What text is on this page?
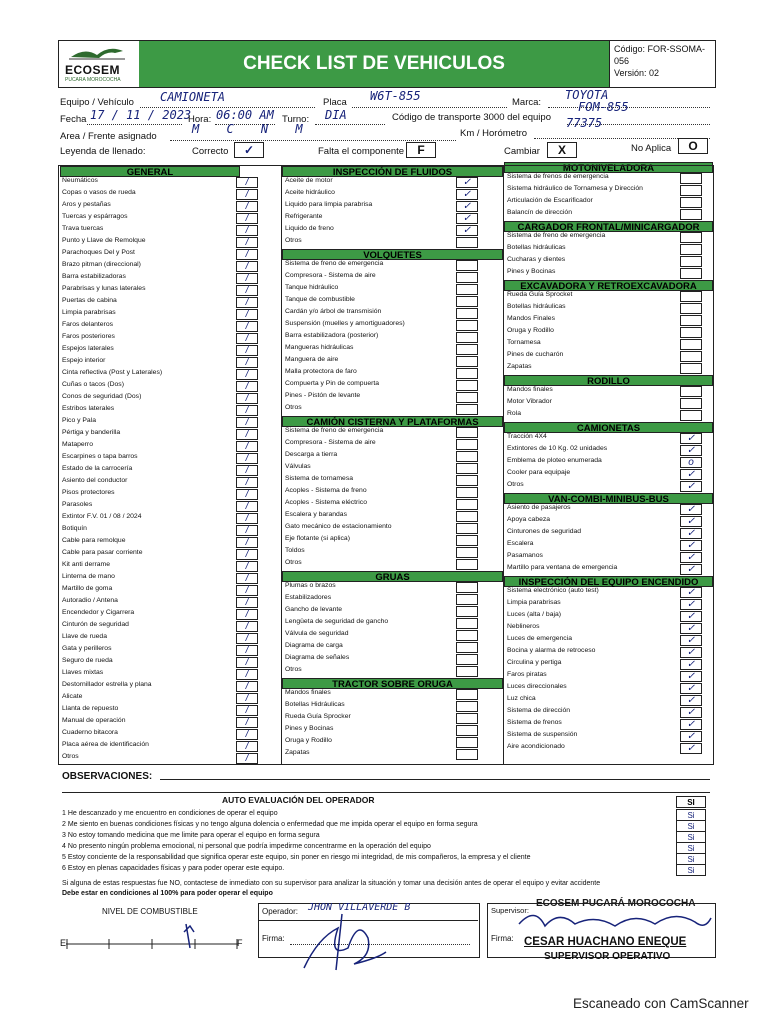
ECOSEM
PUCARA MOROCOCHA
CHECK LIST DE VEHICULOS
Código: FOR-SSOMA-056
Versión: 02
Equipo / Vehículo CAMIONETA	Placa W6T-855	Marca:
TOYOTA
Fecha 17 / 11 / 2023
Hora: 06:00 AM Turno: DIA	Código de transporte 3000 del equipo
FOM-855
Area / Frente asignado
M C N M	Km / Horómetro
77375
Leyenda de llenado:	Correcto	✓	Falta el componente	F	Cambiar	X	No Aplica	O
GENERAL
Neumáticos	/
Copas o vasos de rueda	/
Aros y pestañas	/
Tuercas y espárragos	/
Trava tuercas	/
Punto y Llave de Remolque	/
Parachoques Del y Post	/
Brazo pitman (direccional)	/
Barra estabilizadoras	/
Parabrisas y lunas laterales	/
Puertas de cabina	/
Limpia parabrisas	/
Faros delanteros	/
Faros posteriores	/
Espejos laterales	/
Espejo interior	/
Cinta reflectiva (Post y Laterales)	/
Cuñas o tacos (Dos)	/
Conos de seguridad (Dos)	/
Estribos laterales	/
Pico y Pala	/
Pértiga y banderilla	/
Mataperro	/
Escarpines o tapa barros	/
Estado de la carrocería	/
Asiento del conductor	/
Pisos protectores	/
Parasoles	/
Extintor F.V. 01 / 08 / 2024	/
Botiquín	/
Cable para remolque	/
Cable para pasar corriente	/
Kit anti derrame	/
Linterna de mano	/
Martillo de goma	/
Autoradio / Antena	/
Encendedor y Cigarrera	/
Cinturón de seguridad	/
Llave de rueda	/
Gata y perilleros	/
Seguro de rueda	/
Llaves mixtas	/
Destornillador estrella y plana	/
Alicate	/
Llanta de repuesto	/
Manual de operación	/
Cuaderno bitacora	/
Placa aérea de identificación	/
Otros	/
INSPECCIÓN DE FLUIDOS
Aceite de motor	✓
Aceite hidráulico	✓
Liquido para limpia parabrisa	✓
Refrigerante	✓
Liquido de freno	✓
Otros
VOLQUETES
Sistema de freno de emergencia
Compresora - Sistema de aire
Tanque hidráulico
Tanque de combustible
Cardán y/o árbol de transmisión
Suspensión (muelles y amortiguadores)
Barra estabilizadora (posterior)
Mangueras hidráulicas
Manguera de aire
Malla protectora de faro
Compuerta y Pin de compuerta
Pines - Pistón de levante
Otros
CAMIÓN CISTERNA Y PLATAFORMAS
Sistema de freno de emergencia
Compresora - Sistema de aire
Descarga a tierra
Válvulas
Sistema de tornamesa
Acoples - Sistema de freno
Acoples - Sistema eléctrico
Escalera y barandas
Gato mecánico de estacionamiento
Eje flotante (si aplica)
Toldos
Otros
GRUAS
Plumas o brazos
Estabilizadores
Gancho de levante
Lengüeta de seguridad de gancho
Válvula de seguridad
Diagrama de carga
Diagrama de señales
Otros
TRACTOR SOBRE ORUGA
Mandos finales
Botellas Hidráulicas
Rueda Guía Sprocker
Pines y Bocinas
Oruga y Rodillo
Zapatas
MOTONIVELADORA
Sistema de frenos de emergencia
Sistema hidráulico de Tornamesa y Dirección
Articulación de Escarificador
Balancín de dirección
CARGADOR FRONTAL/MINICARGADOR
Sistema de freno de emergencia
Botellas hidráulicas
Cucharas y dientes
Pines y Bocinas
EXCAVADORA Y RETROEXCAVADORA
Rueda Guía Sprocket
Botellas hidráulicas
Mandos Finales
Oruga y Rodillo
Tornamesa
Pines de cucharón
Zapatas
RODILLO
Mandos finales
Motor Vibrador
Rola
CAMIONETAS
Tracción 4X4	✓
Extintores de 10 Kg. 02 unidades	✓
Emblema de ploteo enumerada	o
Cooler para equipaje	✓
Otros	✓
VAN-COMBI-MINIBUS-BUS
Asiento de pasajeros	✓
Apoya cabeza	✓
Cinturones de seguridad	✓
Escalera	✓
Pasamanos	✓
Martillo para ventana de emergencia	✓
INSPECCIÓN DEL EQUIPO ENCENDIDO
Sistema electrónico (auto test)	✓
Limpia parabrisas	✓
Luces (alta / baja)	✓
Neblineros	✓
Luces de emergencia	✓
Bocina y alarma de retroceso	✓
Circulina y pertiga	✓
Faros piratas	✓
Luces direccionales	✓
Luz chica	✓
Sistema de dirección	✓
Sistema de frenos	✓
Sistema de suspensión	✓
Aire acondicionado	✓
OBSERVACIONES:
AUTO EVALUACIÓN DEL OPERADOR	SI
1 He descanzado y me encuentro en condiciones de operar el equipo	Si
2 Me siento en buenas condiciones físicas y no tengo alguna dolencia o enfermedad que me impida operar el equipo en forma segura	Si
3 No estoy tomando medicina que me limite para operar el equipo en forma segura	Si
4 No presento ningún problema emocional, ni personal que podría impedirme concentrarme en la operación del equipo	Si
5 Estoy conciente de la responsabilidad que significa operar este equipo, sin poner en riesgo mi integridad, de mis compañeros, la empresa y el cliente	Si
6 Estoy en plenas capacidades físicas y para poder operar este equipo.	Si
Si alguna de estas respuestas fue NO, contactese de inmediato con su supervisor para analizar la situación y tomar una decisión antes de operar el equipo y evitar accidente
Debe estar en condiciones al 100% para poder operar el equipo
NIVEL DE COMBUSTIBLE
E	F
Operador: JHON VILLAVERDE B
Firma:
Supervisor:
Firma:
ECOSEM PUCARÁ MOROCOCHA
CESAR HUACHANO ENEQUE
SUPERVISOR OPERATIVO
Escaneado con CamScanner
